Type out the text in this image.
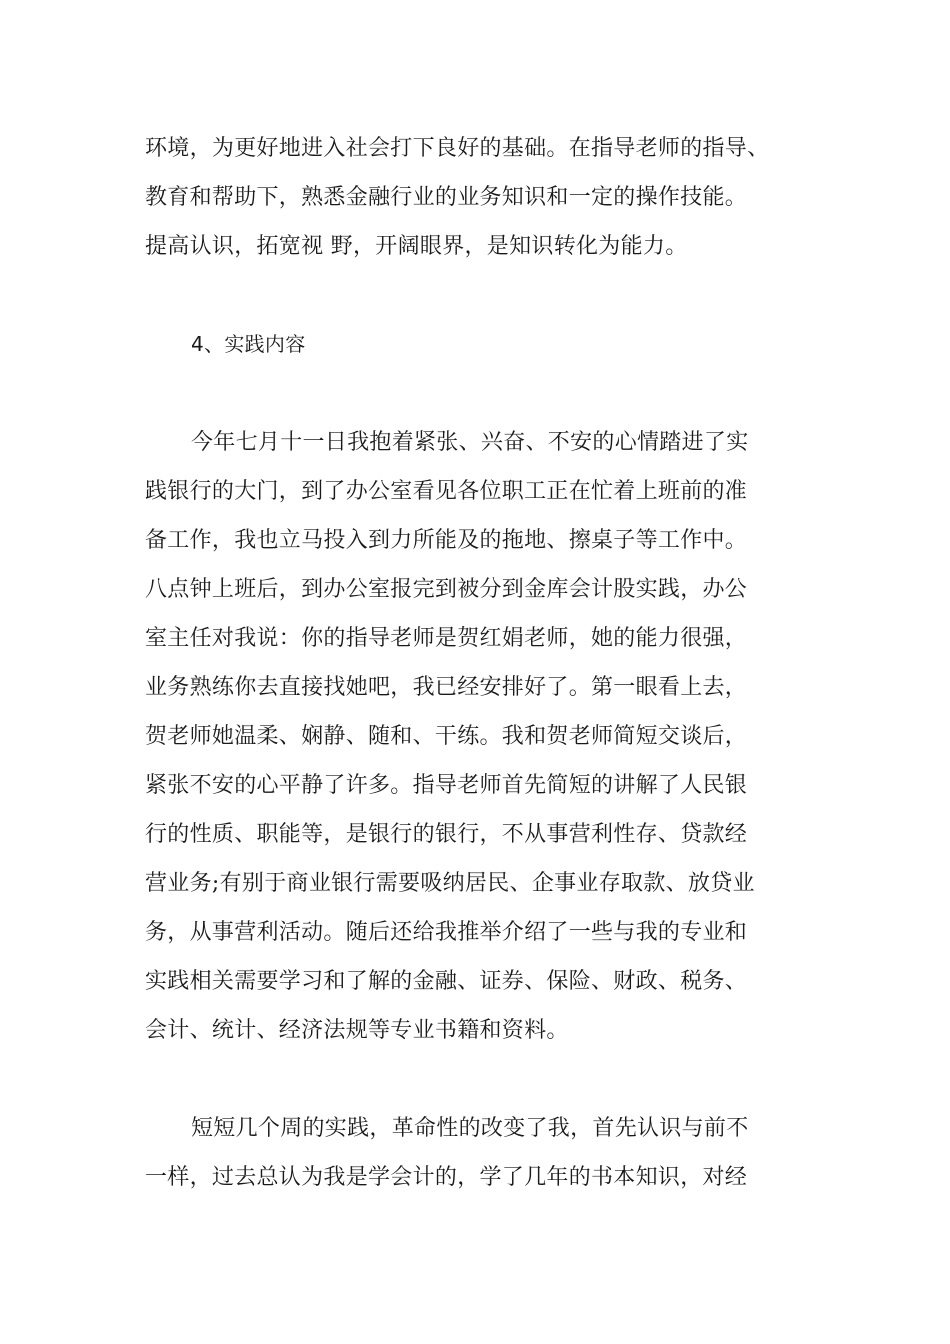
环境，为更好地进入社会打下良好的基础。在指导老师的指导、
教育和帮助下，熟悉金融行业的业务知识和一定的操作技能。
提高认识，拓宽视 野，开阔眼界，是知识转化为能力。
4、实践内容
今年七月十一日我抱着紧张、兴奋、不安的心情踏进了实
践银行的大门，到了办公室看见各位职工正在忙着上班前的准
备工作，我也立马投入到力所能及的拖地、擦桌子等工作中。
八点钟上班后，到办公室报完到被分到金库会计股实践，办公
室主任对我说：你的指导老师是贺红娟老师，她的能力很强，
业务熟练你去直接找她吧，我已经安排好了。第一眼看上去，
贺老师她温柔、娴静、随和、干练。我和贺老师简短交谈后，
紧张不安的心平静了许多。指导老师首先简短的讲解了人民银
行的性质、职能等，是银行的银行，不从事营利性存、贷款经
营业务;有别于商业银行需要吸纳居民、企事业存取款、放贷业
务，从事营利活动。随后还给我推举介绍了一些与我的专业和
实践相关需要学习和了解的金融、证券、保险、财政、税务、
会计、统计、经济法规等专业书籍和资料。
短短几个周的实践，革命性的改变了我，首先认识与前不
一样，过去总认为我是学会计的，学了几年的书本知识，对经
